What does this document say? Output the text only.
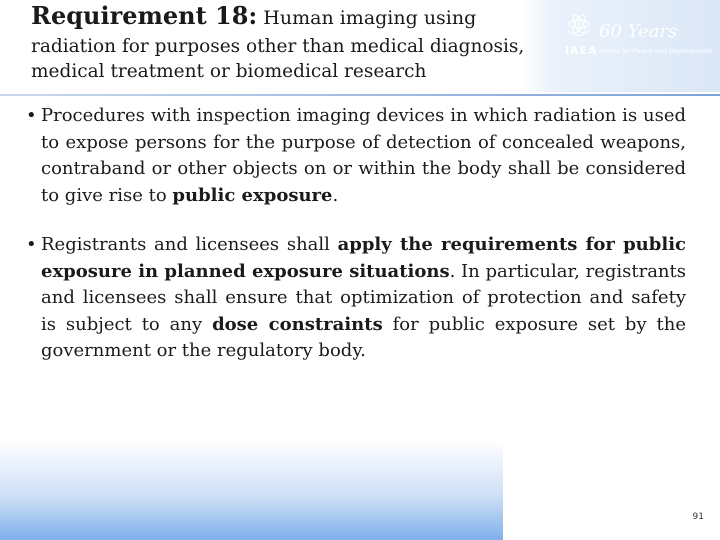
Requirement 18: Human imaging using
radiation for purposes other than medical diagnosis,
medical treatment or biomedical research
IAEA
60 Years
Atoms for Peace and Development
• Procedures with inspection imaging devices in which radiation is used to expose persons for the purpose of detection of concealed weapons, contraband or other objects on or within the body shall be considered to give rise to public exposure.
• Registrants and licensees shall apply the requirements for public exposure in planned exposure situations. In particular, registrants and licensees shall ensure that optimization of protection and safety is subject to any dose constraints for public exposure set by the government or the regulatory body.
91
